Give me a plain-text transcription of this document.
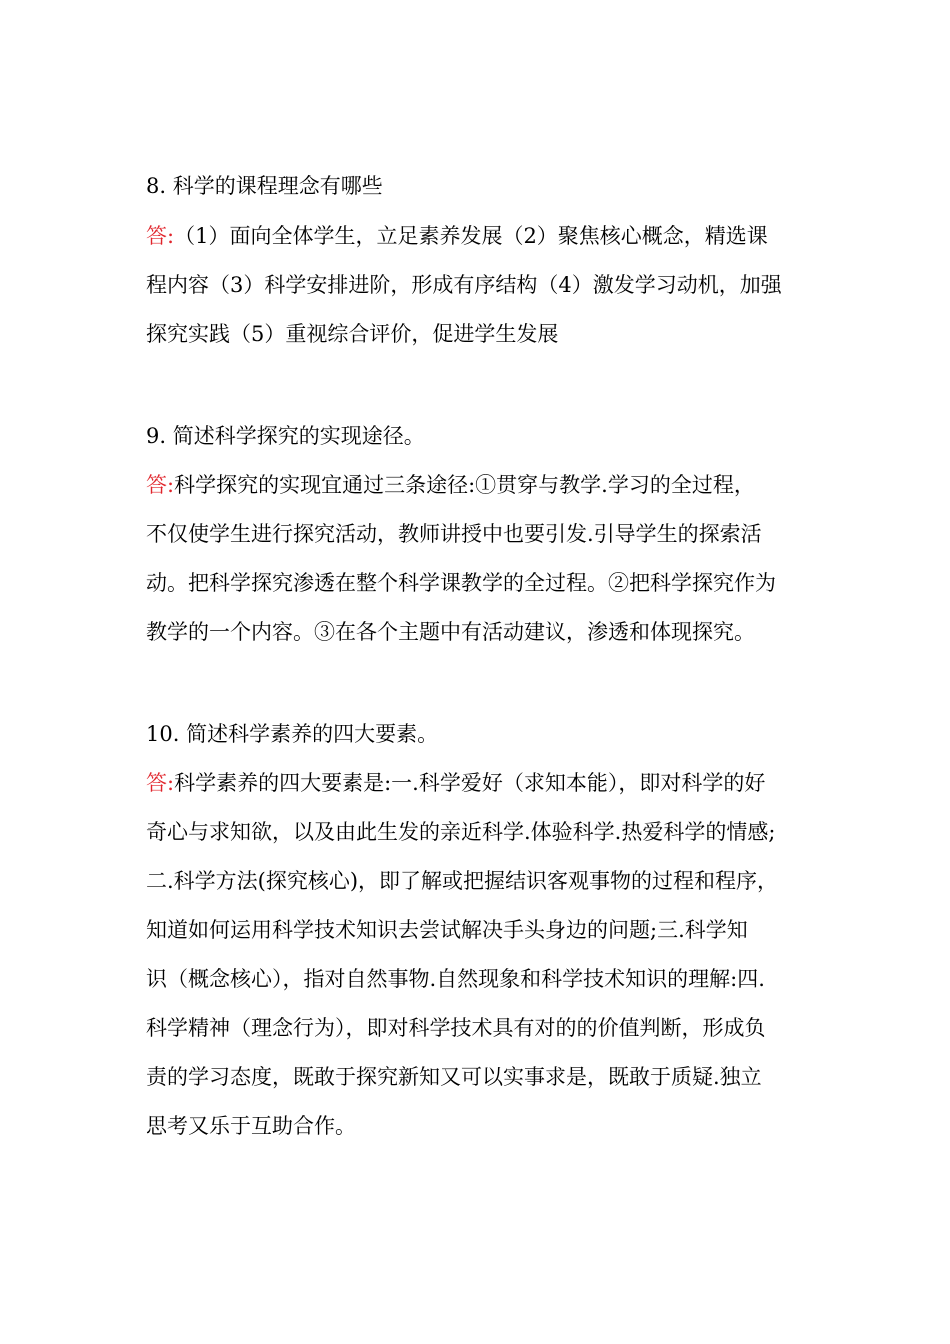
8. 科学的课程理念有哪些
答:（1）面向全体学生，立足素养发展（2）聚焦核心概念，精选课
程内容（3）科学安排进阶，形成有序结构（4）激发学习动机，加强
探究实践（5）重视综合评价，促进学生发展
9. 简述科学探究的实现途径。
答:科学探究的实现宜通过三条途径:①贯穿与教学.学习的全过程，
不仅使学生进行探究活动，教师讲授中也要引发.引导学生的探索活
动。把科学探究渗透在整个科学课教学的全过程。②把科学探究作为
教学的一个内容。③在各个主题中有活动建议，渗透和体现探究。
10. 简述科学素养的四大要素。
答:科学素养的四大要素是:一.科学爱好（求知本能），即对科学的好
奇心与求知欲，以及由此生发的亲近科学.体验科学.热爱科学的情感;
二.科学方法(探究核心)，即了解或把握结识客观事物的过程和程序，
知道如何运用科学技术知识去尝试解决手头身边的问题;三.科学知
识（概念核心），指对自然事物.自然现象和科学技术知识的理解:四.
科学精神（理念行为），即对科学技术具有对的的价值判断，形成负
责的学习态度，既敢于探究新知又可以实事求是，既敢于质疑.独立
思考又乐于互助合作。
